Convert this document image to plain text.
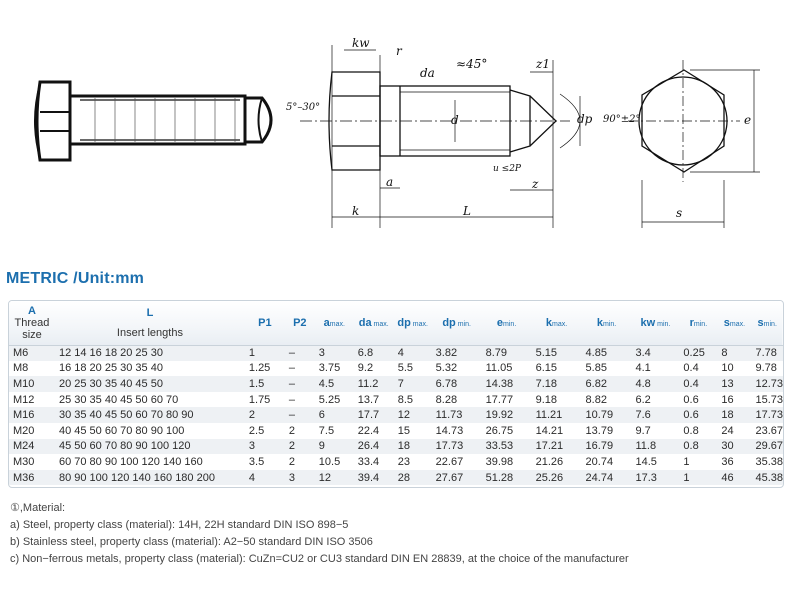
kw
r
da
≈45°	z1
5°–30°
d	dp 90°±2°
u ≤2P
a	z
k	L	s
e
METRIC /Unit:mm
A
Thread
size	L
Insert lengths	P1	P2	amax.	da max.	dp max.	dp min.	emin.	kmax.	kmin.	kw min.	rmin.	smax.	smin.
M6	12 14 16 18 20 25 30	1	–	3	6.8	4	3.82	8.79	5.15	4.85	3.4	0.25	8	7.78
M8	16 18 20 25 30 35 40	1.25	–	3.75	9.2	5.5	5.32	11.05	6.15	5.85	4.1	0.4	10	9.78
M10	20 25 30 35 40 45 50	1.5	–	4.5	11.2	7	6.78	14.38	7.18	6.82	4.8	0.4	13	12.73
M12	25 30 35 40 45 50 60 70	1.75	–	5.25	13.7	8.5	8.28	17.77	9.18	8.82	6.2	0.6	16	15.73
M16	30 35 40 45 50 60 70 80 90	2	–	6	17.7	12	11.73	19.92	11.21	10.79	7.6	0.6	18	17.73
M20	40 45 50 60 70 80 90 100	2.5	2	7.5	22.4	15	14.73	26.75	14.21	13.79	9.7	0.8	24	23.67
M24	45 50 60 70 80 90 100 120	3	2	9	26.4	18	17.73	33.53	17.21	16.79	11.8	0.8	30	29.67
M30	60 70 80 90 100 120 140 160	3.5	2	10.5	33.4	23	22.67	39.98	21.26	20.74	14.5	1	36	35.38
M36	80 90 100 120 140 160 180 200	4	3	12	39.4	28	27.67	51.28	25.26	24.74	17.3	1	46	45.38
①,Material:
a) Steel, property class (material): 14H, 22H standard DIN ISO 898−5
b) Stainless steel, property class (material): A2−50 standard DIN ISO 3506
c) Non−ferrous metals, property class (material): CuZn=CU2 or CU3 standard DIN EN 28839, at the choice of the manufacturer
